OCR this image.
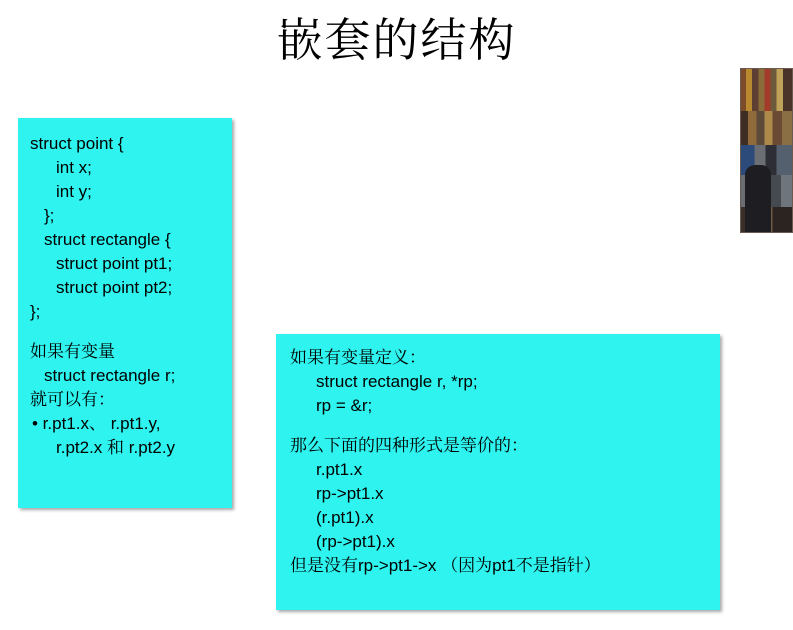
嵌套的结构
struct point {
int x;
int y;
};
struct rectangle {
struct point pt1;
struct point pt2;
};
如果有变量
struct rectangle r;
就可以有：
• r.pt1.x、 r.pt1.y,
r.pt2.x 和 r.pt2.y
如果有变量定义：
struct rectangle r, *rp;
rp = &r;
那么下面的四种形式是等价的：
r.pt1.x
rp->pt1.x
(r.pt1).x
(rp->pt1).x
但是没有rp->pt1->x （因为pt1不是指针）
